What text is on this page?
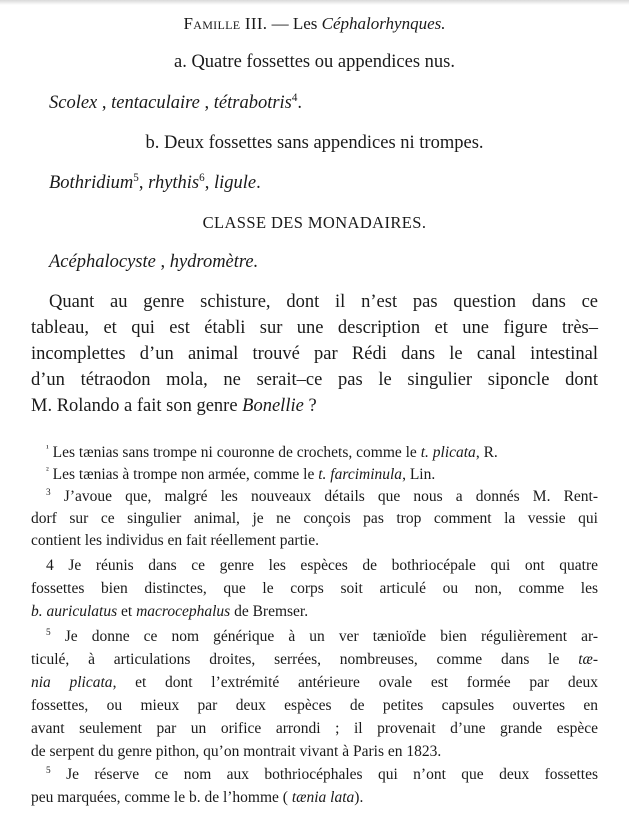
Famille III. — Les Céphalorhynques.
a. Quatre fossettes ou appendices nus.
Scolex , tentaculaire , tétrabotris$^4$.
b. Deux fossettes sans appendices ni trompes.
Bothridium$^5$, rhythis$^6$, ligule.
CLASSE DES MONADAIRES.
Acéphalocyste , hydromètre.
Quant au genre schisture, dont il n’est pas question dans ce
tableau, et qui est établi sur une description et une figure très–
incomplettes d’un animal trouvé par Rédi dans le canal intestinal
d’un tétraodon mola, ne serait–ce pas le singulier siponcle dont
M. Rolando a fait son genre Bonellie ?
$^{^1}$ Les tænias sans trompe ni couronne de crochets, comme le t. plicata, R.
$^{^2}$ Les tænias à trompe non armée, comme le t. farciminula, Lin.
$^3$ J’avoue que, malgré les nouveaux détails que nous a donnés M. Rent-
dorf sur ce singulier animal, je ne conçois pas trop comment la vessie qui
contient les individus en fait réellement partie.
4 Je réunis dans ce genre les espèces de bothriocépale qui ont quatre
fossettes bien distinctes, que le corps soit articulé ou non, comme les
b. auriculatus et macrocephalus de Bremser.
$^5$ Je donne ce nom générique à un ver tænioïde bien régulièrement ar-
ticulé, à articulations droites, serrées, nombreuses, comme dans le tæ-
nia plicata, et dont l’extrémité antérieure ovale est formée par deux
fossettes, ou mieux par deux espèces de petites capsules ouvertes en
avant seulement par un orifice arrondi ; il provenait d’une grande espèce
de serpent du genre pithon, qu’on montrait vivant à Paris en 1823.
$^5$ Je réserve ce nom aux bothriocéphales qui n’ont que deux fossettes
peu marquées, comme le b. de l’homme ( tænia lata).
